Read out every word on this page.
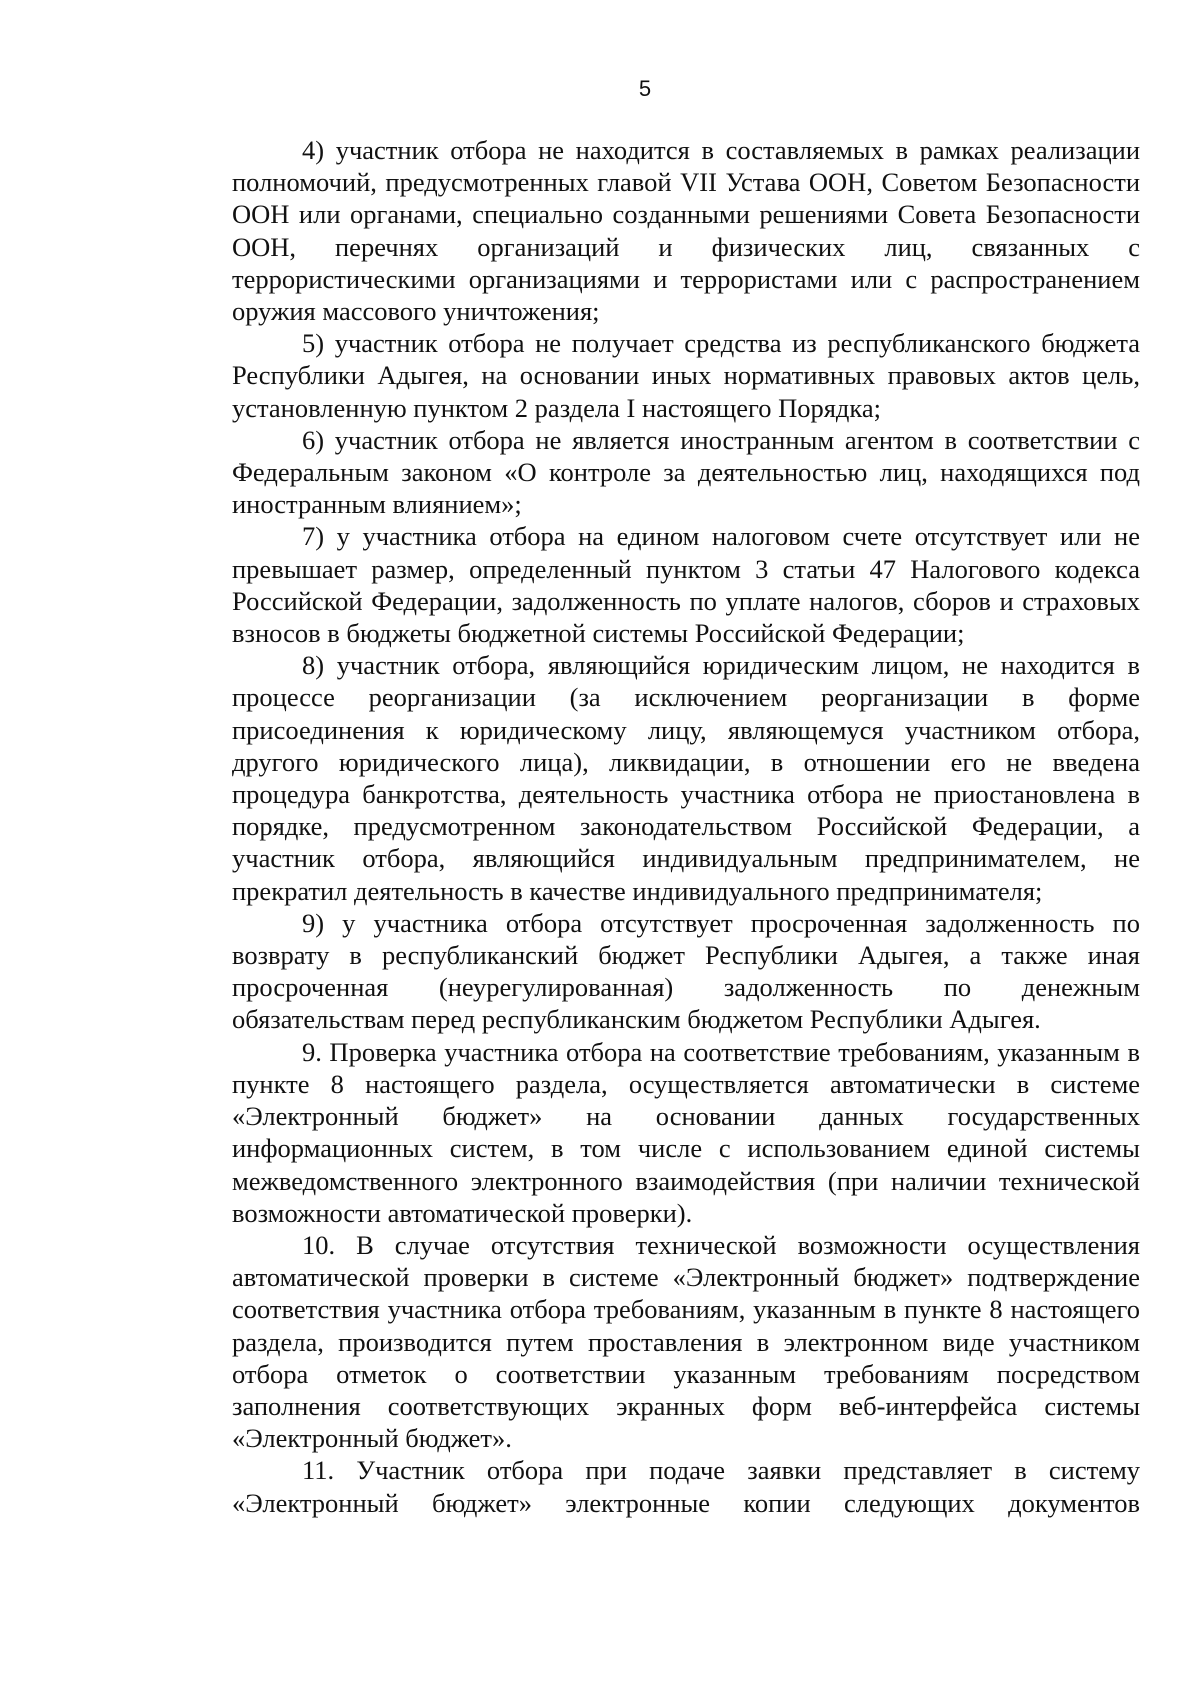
5

4) участник отбора не находится в составляемых в рамках реализации полномочий, предусмотренных главой VII Устава ООН, Советом Безопасности ООН или органами, специально созданными решениями Совета Безопасности ООН, перечнях организаций и физических лиц, связанных с террористическими организациями и террористами или с распространением оружия массового уничтожения;

5) участник отбора не получает средства из республиканского бюджета Республики Адыгея, на основании иных нормативных правовых актов цель, установленную пунктом 2 раздела I настоящего Порядка;

6) участник отбора не является иностранным агентом в соответствии с Федеральным законом «О контроле за деятельностью лиц, находящихся под иностранным влиянием»;

7) у участника отбора на едином налоговом счете отсутствует или не превышает размер, определенный пунктом 3 статьи 47 Налогового кодекса Российской Федерации, задолженность по уплате налогов, сборов и страховых взносов в бюджеты бюджетной системы Российской Федерации;

8) участник отбора, являющийся юридическим лицом, не находится в процессе реорганизации (за исключением реорганизации в форме присоединения к юридическому лицу, являющемуся участником отбора, другого юридического лица), ликвидации, в отношении его не введена процедура банкротства, деятельность участника отбора не приостановлена в порядке, предусмотренном законодательством Российской Федерации, а участник отбора, являющийся индивидуальным предпринимателем, не прекратил деятельность в качестве индивидуального предпринимателя;

9) у участника отбора отсутствует просроченная задолженность по возврату в республиканский бюджет Республики Адыгея, а также иная просроченная (неурегулированная) задолженность по денежным обязательствам перед республиканским бюджетом Республики Адыгея.

9. Проверка участника отбора на соответствие требованиям, указанным в пункте 8 настоящего раздела, осуществляется автоматически в системе «Электронный бюджет» на основании данных государственных информационных систем, в том числе с использованием единой системы межведомственного электронного взаимодействия (при наличии технической возможности автоматической проверки).

10. В случае отсутствия технической возможности осуществления автоматической проверки в системе «Электронный бюджет» подтверждение соответствия участника отбора требованиям, указанным в пункте 8 настоящего раздела, производится путем проставления в электронном виде участником отбора отметок о соответствии указанным требованиям посредством заполнения соответствующих экранных форм веб-интерфейса системы «Электронный бюджет».

11. Участник отбора при подаче заявки представляет в систему «Электронный бюджет» электронные копии следующих документов
